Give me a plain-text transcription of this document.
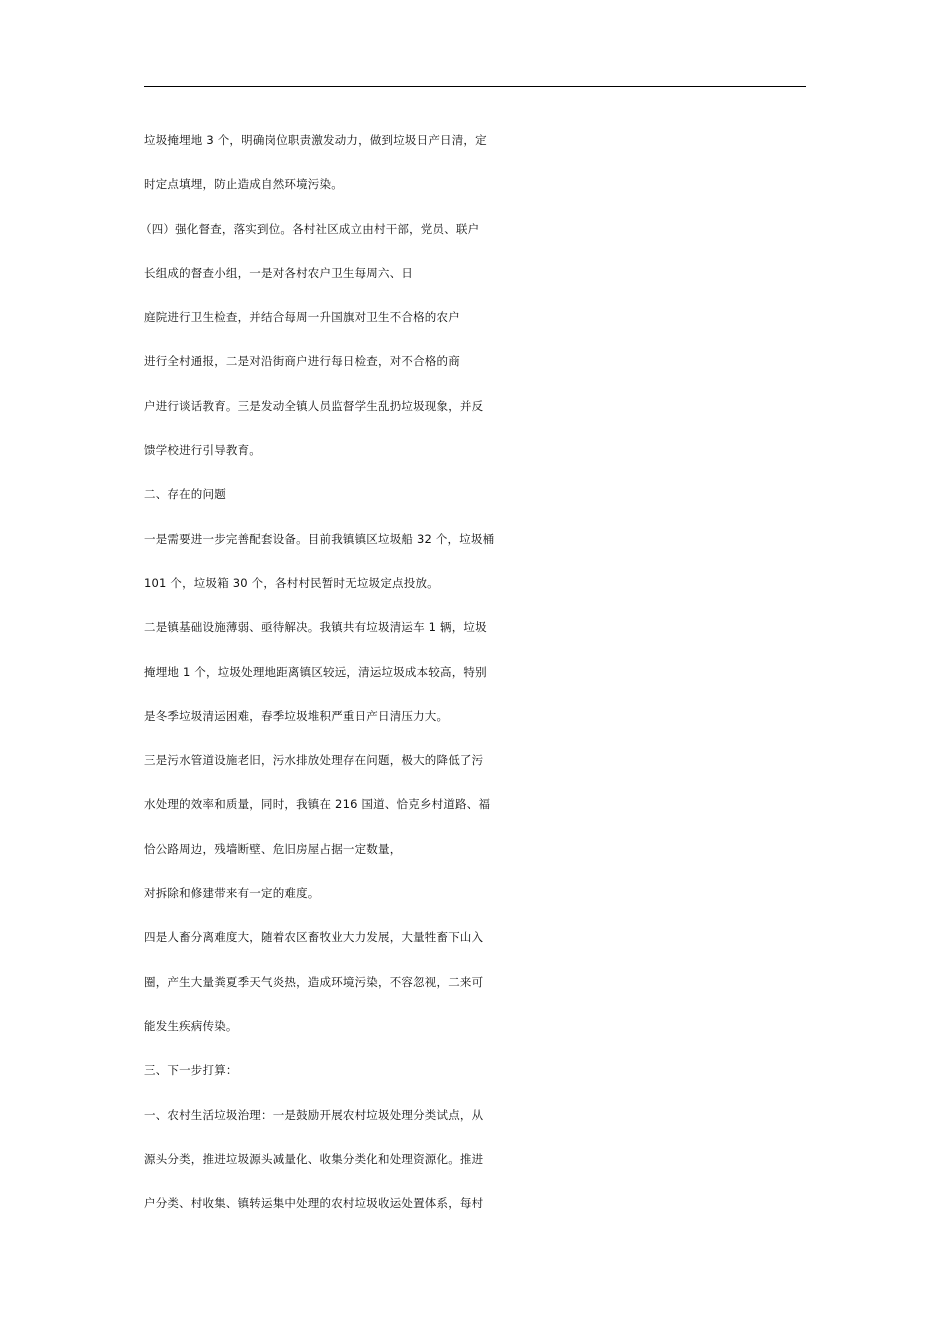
垃圾掩埋地 3 个，明确岗位职责激发动力，做到垃圾日产日清，定
时定点填埋，防止造成自然环境污染。
（四）强化督查，落实到位。各村社区成立由村干部，党员、联户
长组成的督查小组，一是对各村农户卫生每周六、日
庭院进行卫生检查，并结合每周一升国旗对卫生不合格的农户
进行全村通报，二是对沿街商户进行每日检查，对不合格的商
户进行谈话教育。三是发动全镇人员监督学生乱扔垃圾现象，并反
馈学校进行引导教育。
二、存在的问题
一是需要进一步完善配套设备。目前我镇镇区垃圾船 32 个，垃圾桶
101 个，垃圾箱 30 个，各村村民暂时无垃圾定点投放。
二是镇基础设施薄弱、亟待解决。我镇共有垃圾清运车 1 辆，垃圾
掩埋地 1 个，垃圾处理地距离镇区较远，清运垃圾成本较高，特别
是冬季垃圾清运困难，春季垃圾堆积严重日产日清压力大。
三是污水管道设施老旧，污水排放处理存在问题，极大的降低了污
水处理的效率和质量，同时，我镇在 216 国道、恰克乡村道路、福
恰公路周边，残墙断壁、危旧房屋占据一定数量，
对拆除和修建带来有一定的难度。
四是人畜分离难度大，随着农区畜牧业大力发展，大量牲畜下山入
圈，产生大量粪夏季天气炎热，造成环境污染，不容忽视，二来可
能发生疾病传染。
三、下一步打算：
一、农村生活垃圾治理：一是鼓励开展农村垃圾处理分类试点，从
源头分类，推进垃圾源头减量化、收集分类化和处理资源化。推进
户分类、村收集、镇转运集中处理的农村垃圾收运处置体系，每村
